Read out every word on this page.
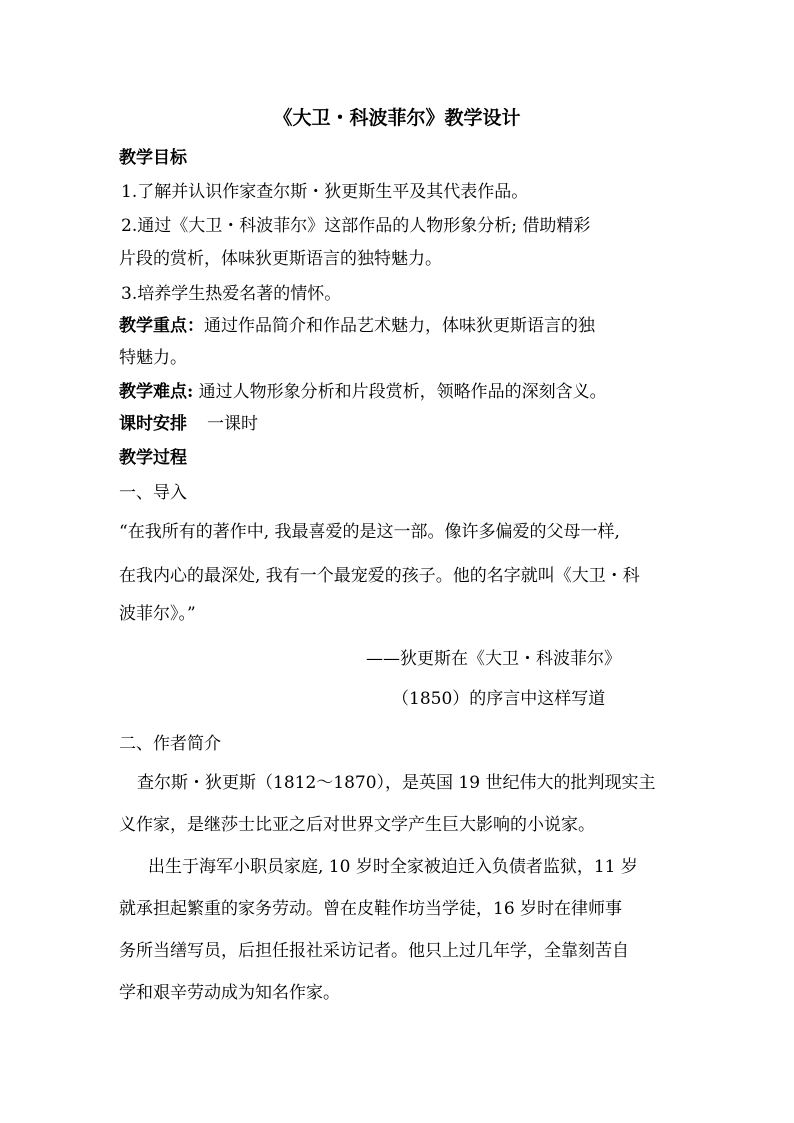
《大卫・科波菲尔》教学设计
教学目标
1.了解并认识作家查尔斯・狄更斯生平及其代表作品。
2.通过《大卫・科波菲尔》这部作品的人物形象分析; 借助精彩
片段的赏析，体味狄更斯语言的独特魅力。
3.培养学生热爱名著的情怀。
教学重点：通过作品简介和作品艺术魅力，体味狄更斯语言的独
特魅力。
教学难点: 通过人物形象分析和片段赏析，领略作品的深刻含义。
课时安排 一课时
教学过程
一、导入
“在我所有的著作中, 我最喜爱的是这一部。像许多偏爱的父母一样,
在我内心的最深处, 我有一个最宠爱的孩子。他的名字就叫《大卫・科
波菲尔》。”
——狄更斯在《大卫・科波菲尔》
（1850）的序言中这样写道
二、作者简介
查尔斯・狄更斯（1812～1870），是英国 19 世纪伟大的批判现实主
义作家，是继莎士比亚之后对世界文学产生巨大影响的小说家。
出生于海军小职员家庭, 10 岁时全家被迫迁入负债者监狱，11 岁
就承担起繁重的家务劳动。曾在皮鞋作坊当学徒，16 岁时在律师事
务所当缮写员，后担任报社采访记者。他只上过几年学，全靠刻苦自
学和艰辛劳动成为知名作家。
